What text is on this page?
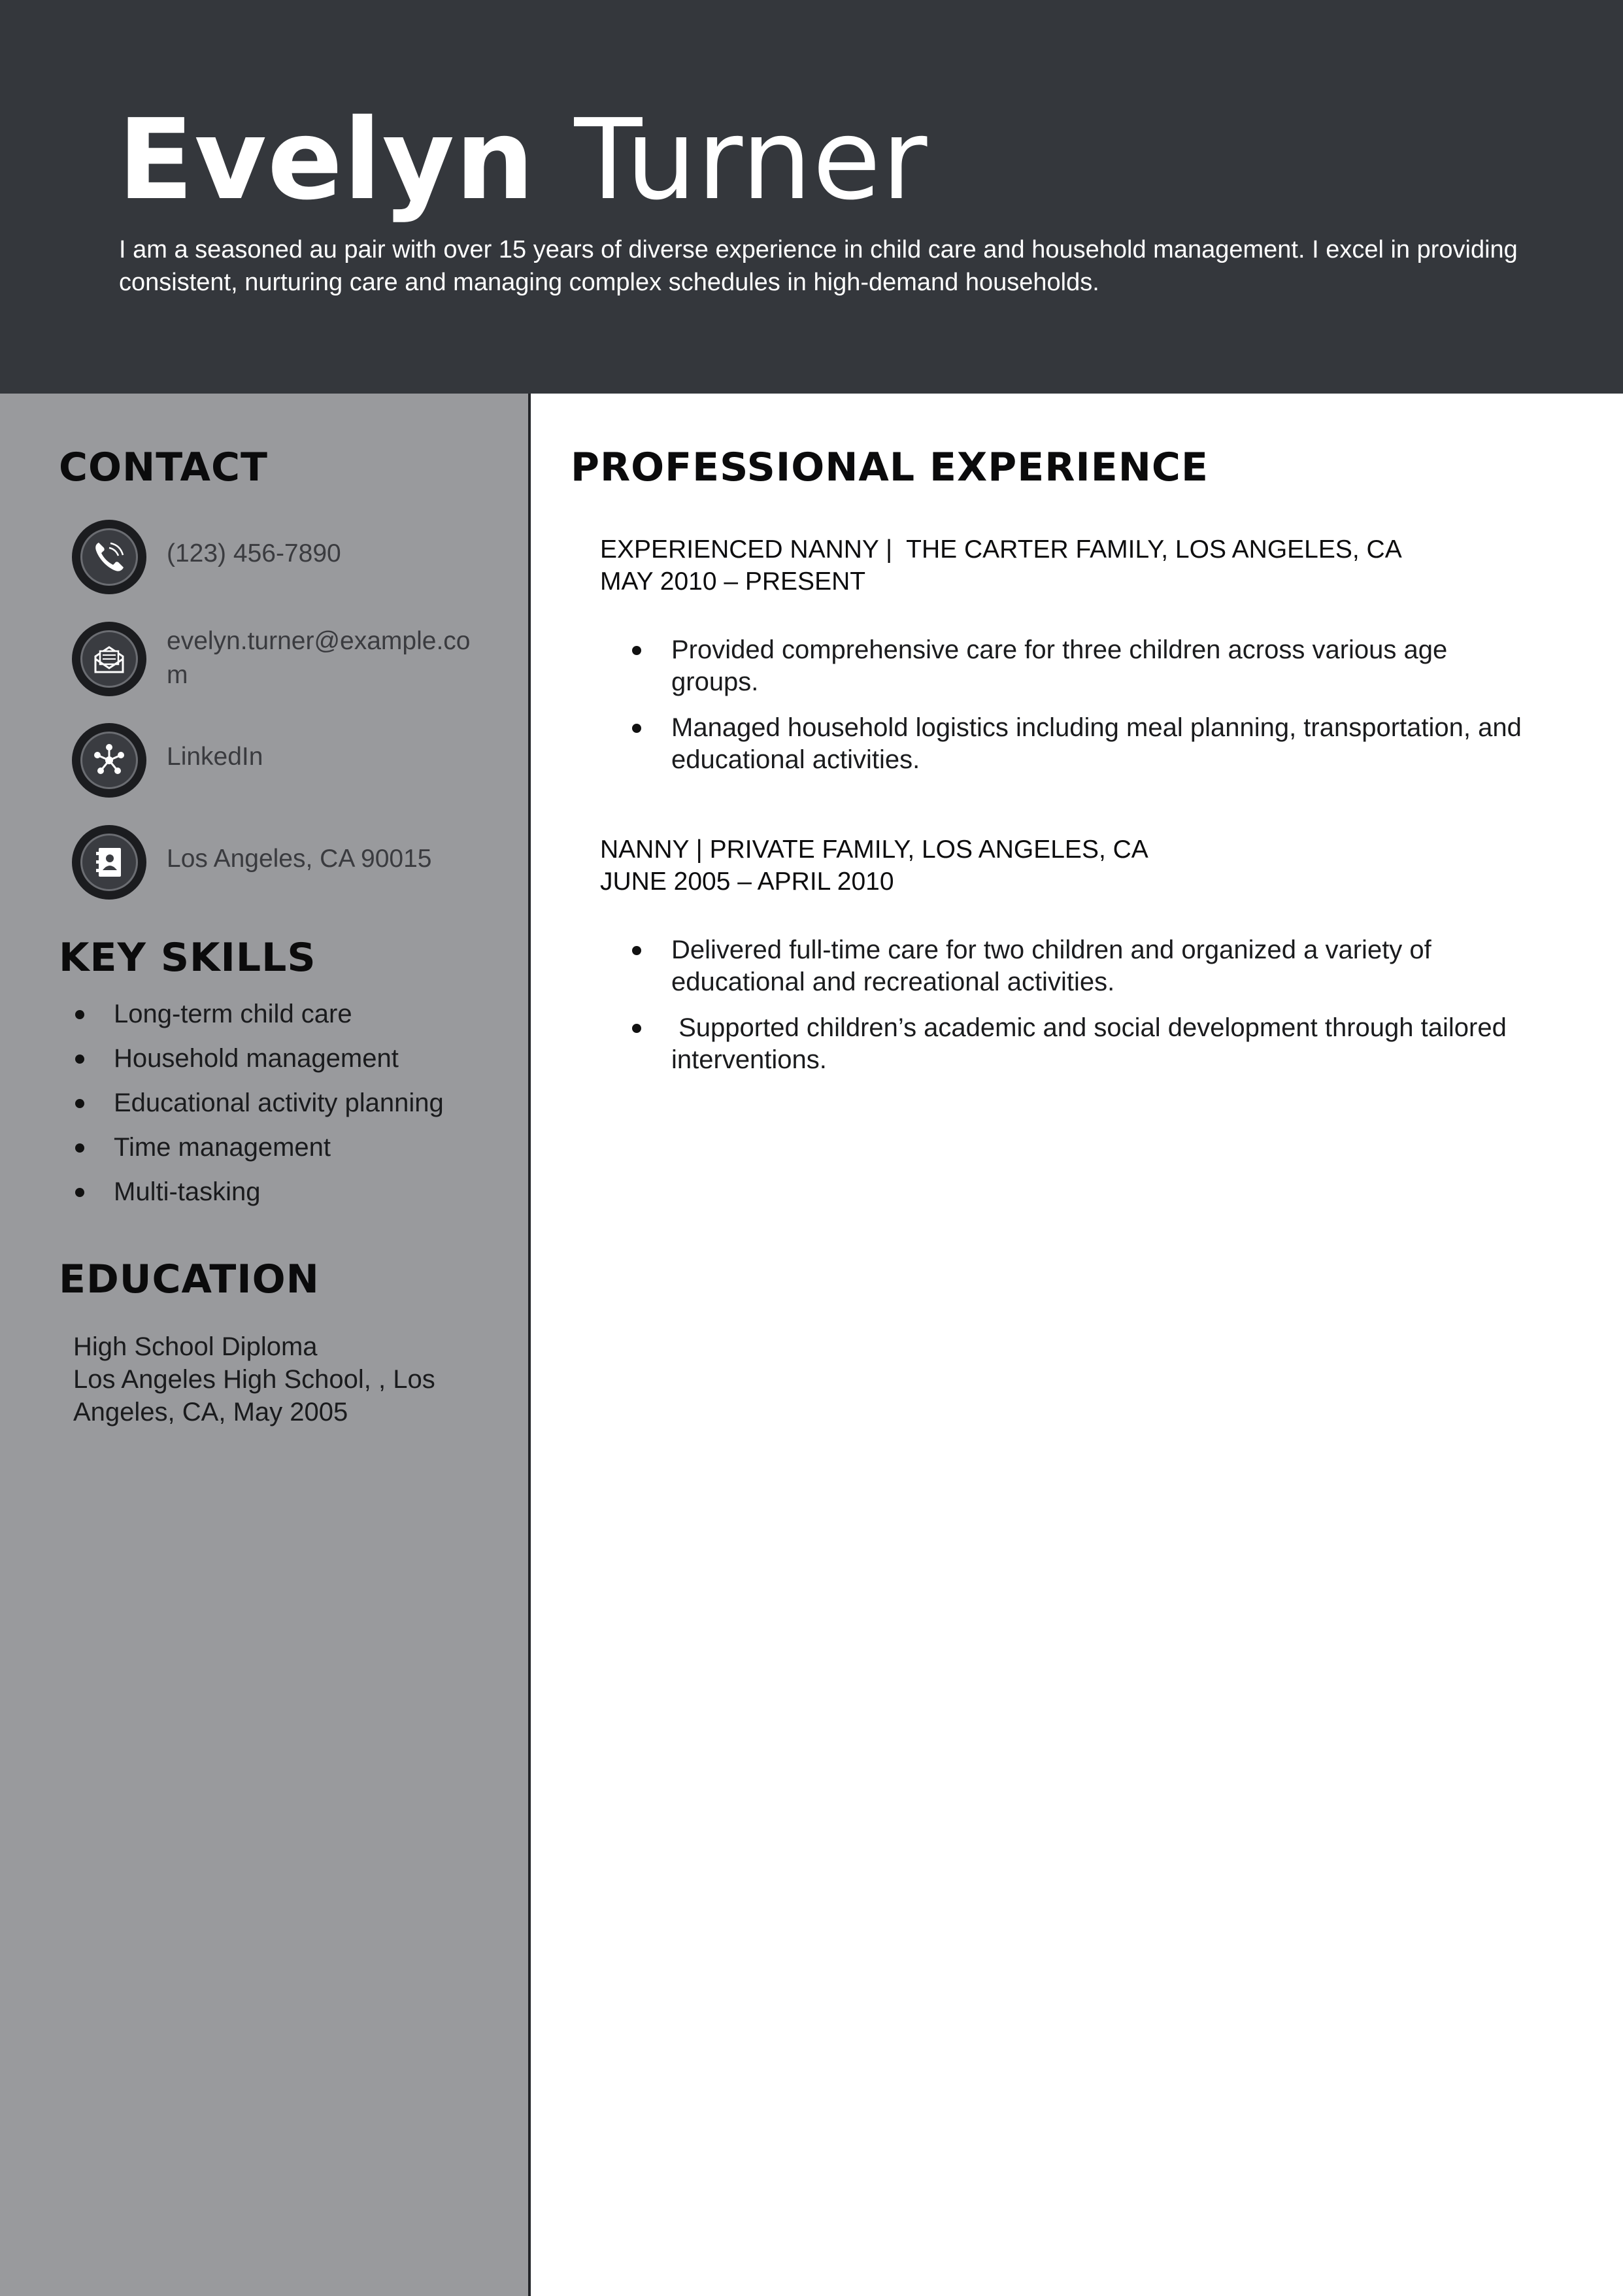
Evelyn Turner

I am a seasoned au pair with over 15 years of diverse experience in child care and household management. I excel in providing consistent, nurturing care and managing complex schedules in high-demand households.

CONTACT
(123) 456-7890
evelyn.turner@example.com
LinkedIn
Los Angeles, CA 90015
KEY SKILLS
Long-term child care
Household management
Educational activity planning
Time management
Multi-tasking
EDUCATION
High School Diploma
Los Angeles High School, , Los Angeles, CA, May 2005
PROFESSIONAL EXPERIENCE
EXPERIENCED NANNY |  THE CARTER FAMILY, LOS ANGELES, CA
MAY 2010 – PRESENT
Provided comprehensive care for three children across various age groups.
Managed household logistics including meal planning, transportation, and educational activities.
NANNY | PRIVATE FAMILY, LOS ANGELES, CA
JUNE 2005 – APRIL 2010
Delivered full-time care for two children and organized a variety of educational and recreational activities.
Supported children’s academic and social development through tailored interventions.
